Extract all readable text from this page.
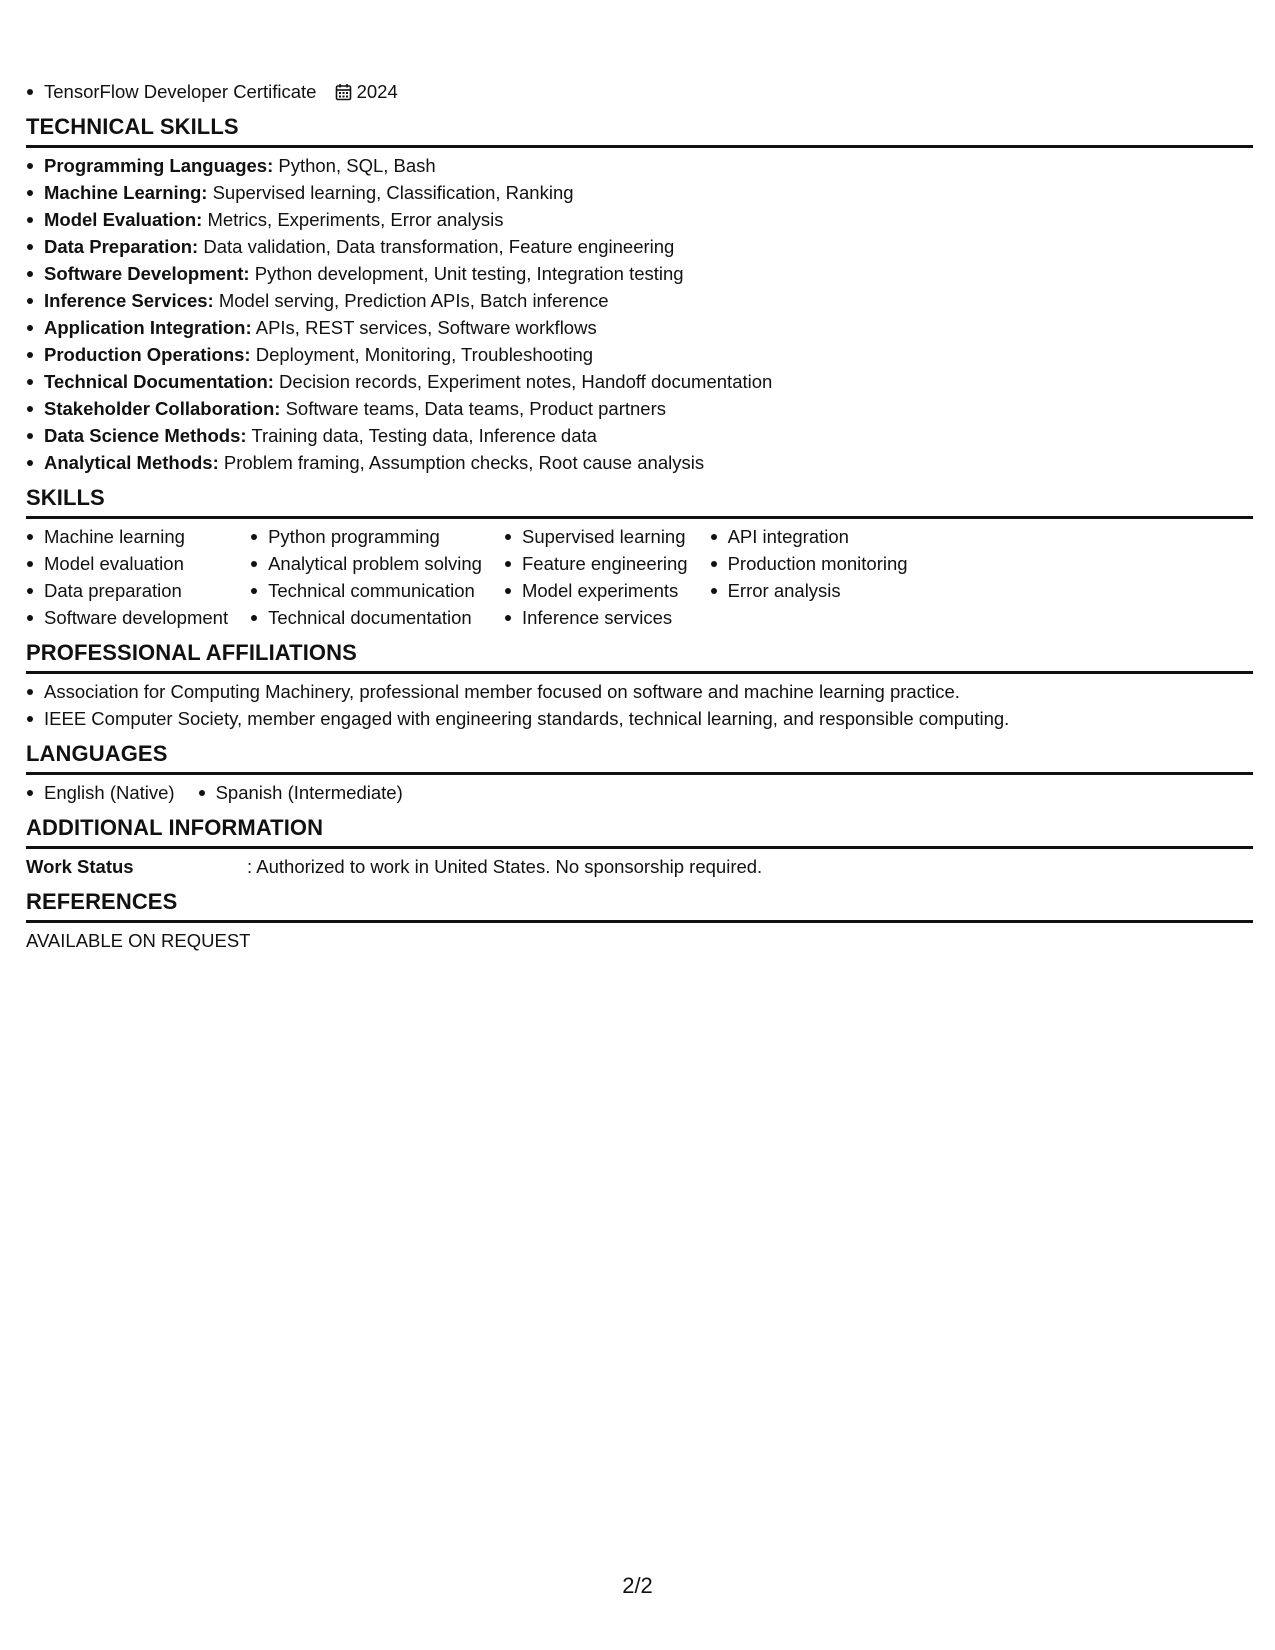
TensorFlow Developer Certificate 2024
TECHNICAL SKILLS
Programming Languages: Python, SQL, Bash
Machine Learning: Supervised learning, Classification, Ranking
Model Evaluation: Metrics, Experiments, Error analysis
Data Preparation: Data validation, Data transformation, Feature engineering
Software Development: Python development, Unit testing, Integration testing
Inference Services: Model serving, Prediction APIs, Batch inference
Application Integration: APIs, REST services, Software workflows
Production Operations: Deployment, Monitoring, Troubleshooting
Technical Documentation: Decision records, Experiment notes, Handoff documentation
Stakeholder Collaboration: Software teams, Data teams, Product partners
Data Science Methods: Training data, Testing data, Inference data
Analytical Methods: Problem framing, Assumption checks, Root cause analysis
SKILLS
Machine learning
Model evaluation
Data preparation
Software development
Python programming
Analytical problem solving
Technical communication
Technical documentation
Supervised learning
Feature engineering
Model experiments
Inference services
API integration
Production monitoring
Error analysis
PROFESSIONAL AFFILIATIONS
Association for Computing Machinery, professional member focused on software and machine learning practice.
IEEE Computer Society, member engaged with engineering standards, technical learning, and responsible computing.
LANGUAGES
English (Native)	Spanish (Intermediate)
ADDITIONAL INFORMATION
Work Status	: Authorized to work in United States. No sponsorship required.
REFERENCES
AVAILABLE ON REQUEST
2/2
